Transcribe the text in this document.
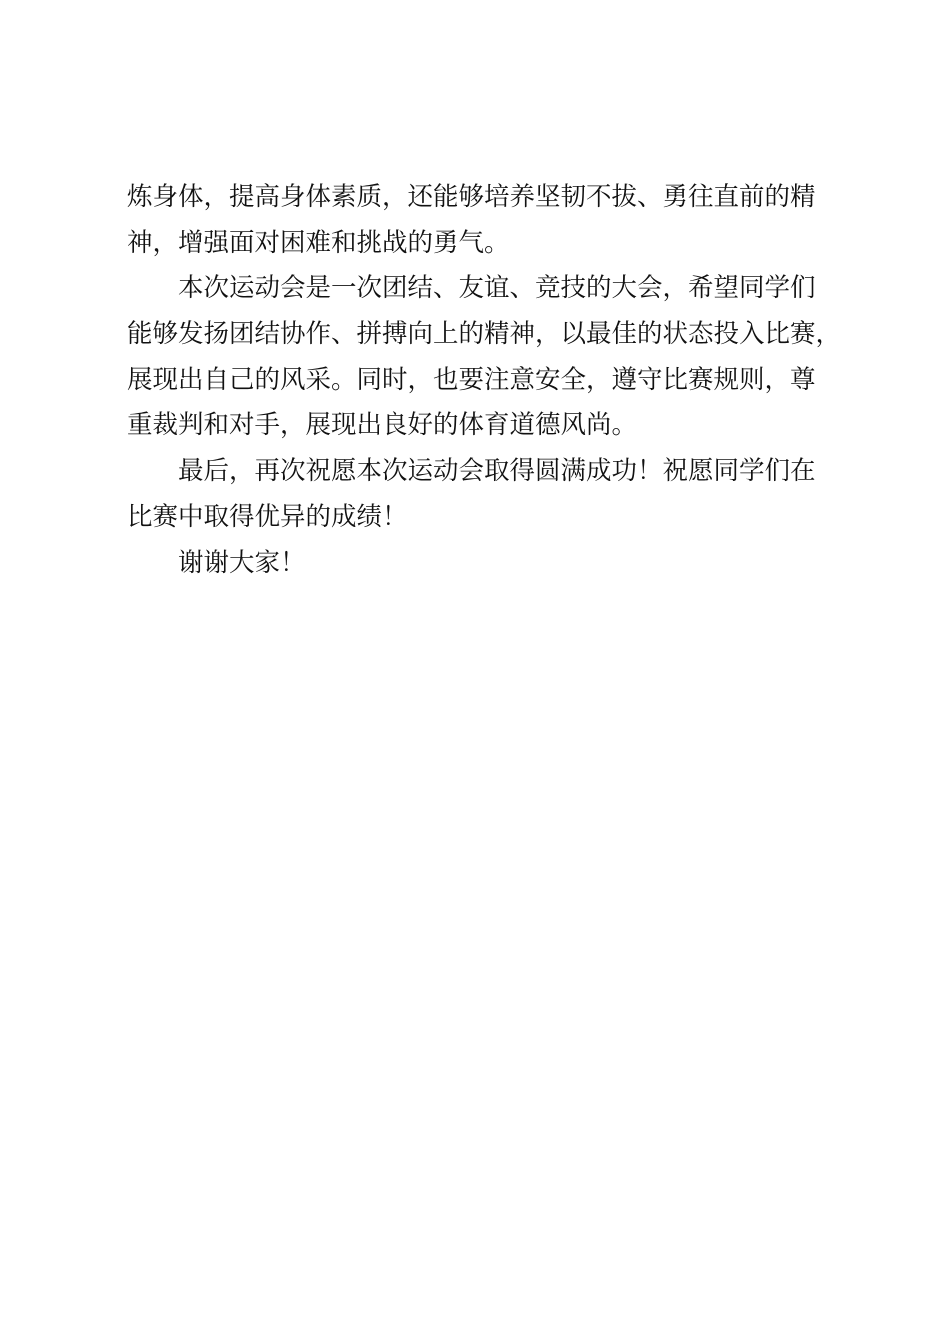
炼身体，提高身体素质，还能够培养坚韧不拔、勇往直前的精
神，增强面对困难和挑战的勇气。
本次运动会是一次团结、友谊、竞技的大会，希望同学们
能够发扬团结协作、拼搏向上的精神，以最佳的状态投入比赛，
展现出自己的风采。同时，也要注意安全，遵守比赛规则，尊
重裁判和对手，展现出良好的体育道德风尚。
最后，再次祝愿本次运动会取得圆满成功！祝愿同学们在
比赛中取得优异的成绩！
谢谢大家！
